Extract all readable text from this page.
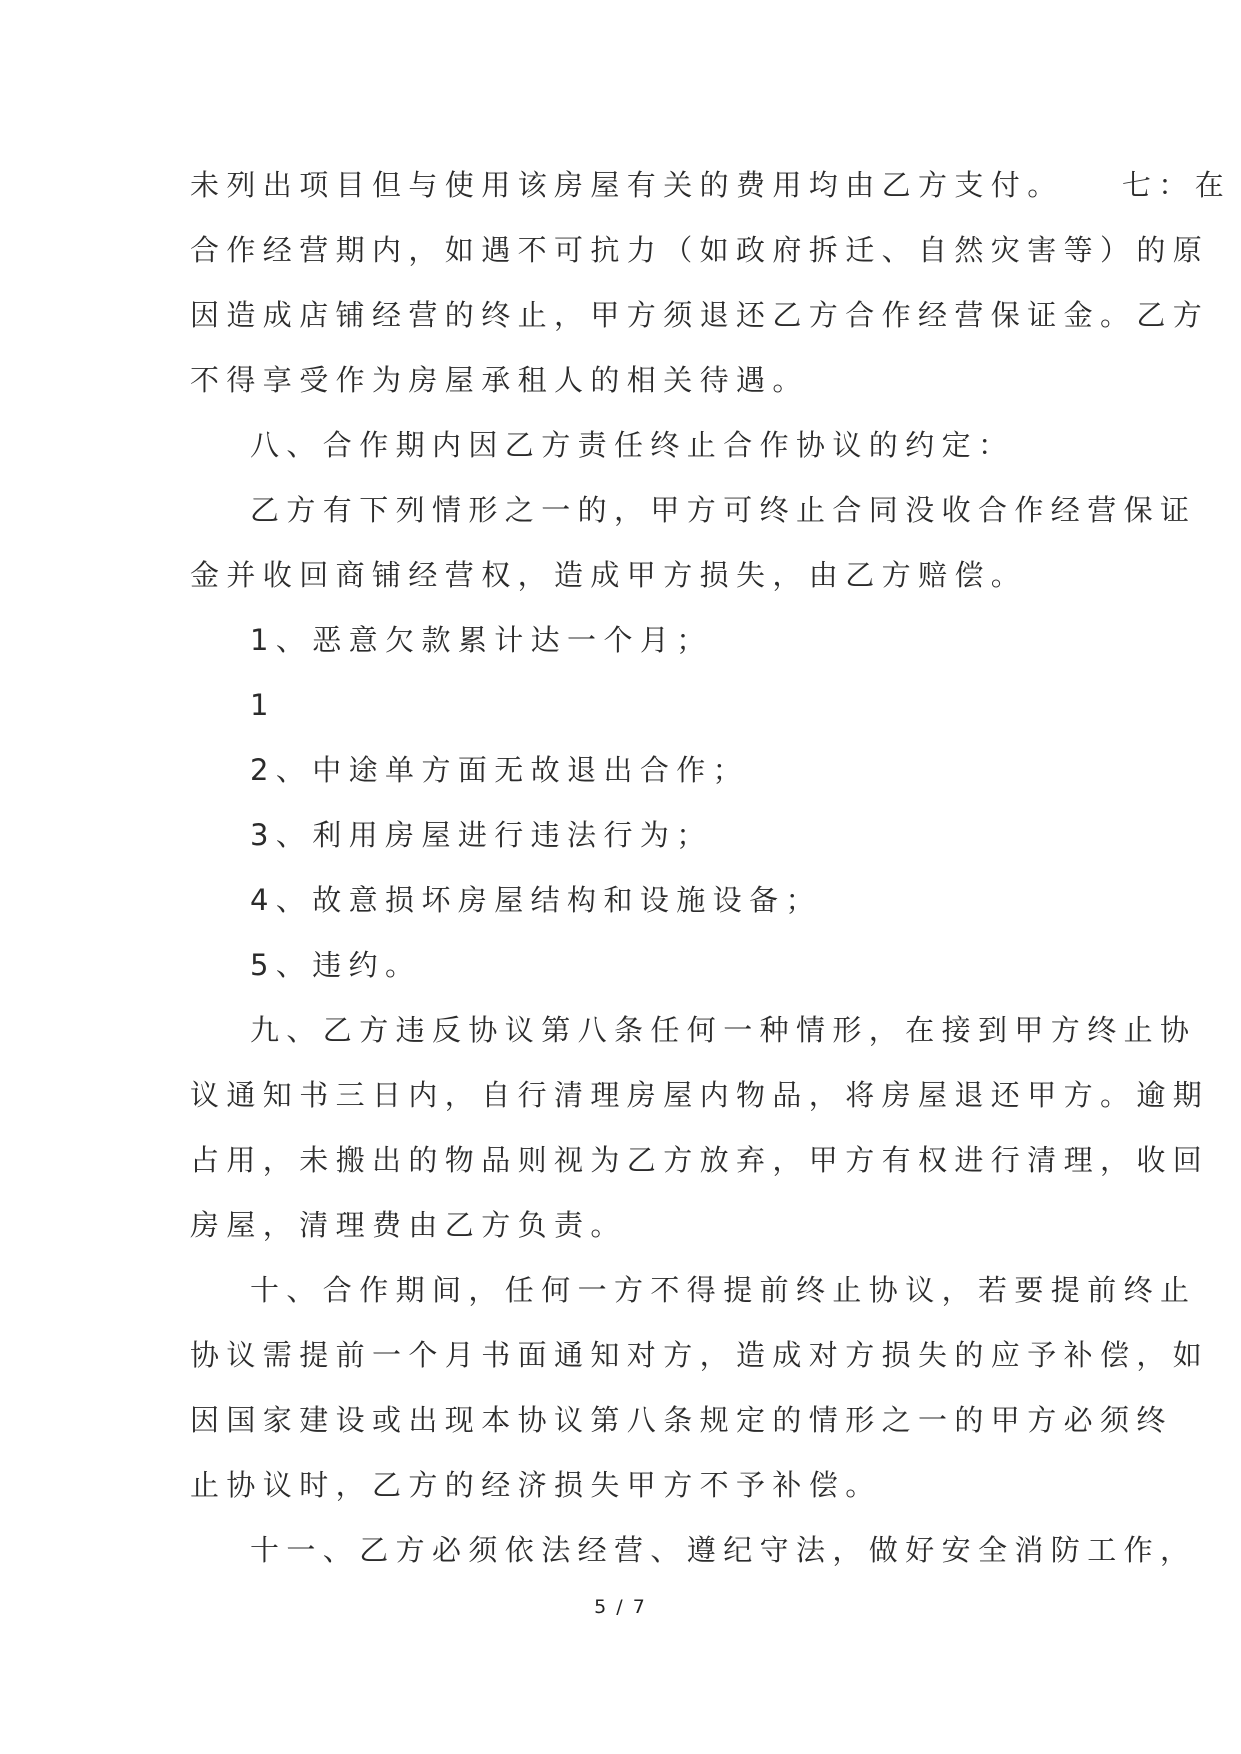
未列出项目但与使用该房屋有关的费用均由乙方支付。　　七：在
合作经营期内，如遇不可抗力（如政府拆迁、自然灾害等）的原
因造成店铺经营的终止，甲方须退还乙方合作经营保证金。乙方
不得享受作为房屋承租人的相关待遇。
八、合作期内因乙方责任终止合作协议的约定：
乙方有下列情形之一的，甲方可终止合同没收合作经营保证
金并收回商铺经营权，造成甲方损失，由乙方赔偿。
1、恶意欠款累计达一个月；
1
2、中途单方面无故退出合作；
3、利用房屋进行违法行为；
4、故意损坏房屋结构和设施设备；
5、违约。
九、乙方违反协议第八条任何一种情形，在接到甲方终止协
议通知书三日内，自行清理房屋内物品，将房屋退还甲方。逾期
占用，未搬出的物品则视为乙方放弃，甲方有权进行清理，收回
房屋，清理费由乙方负责。
十、合作期间，任何一方不得提前终止协议，若要提前终止
协议需提前一个月书面通知对方，造成对方损失的应予补偿，如
因国家建设或出现本协议第八条规定的情形之一的甲方必须终
止协议时，乙方的经济损失甲方不予补偿。
十一、乙方必须依法经营、遵纪守法，做好安全消防工作，
5 / 7
